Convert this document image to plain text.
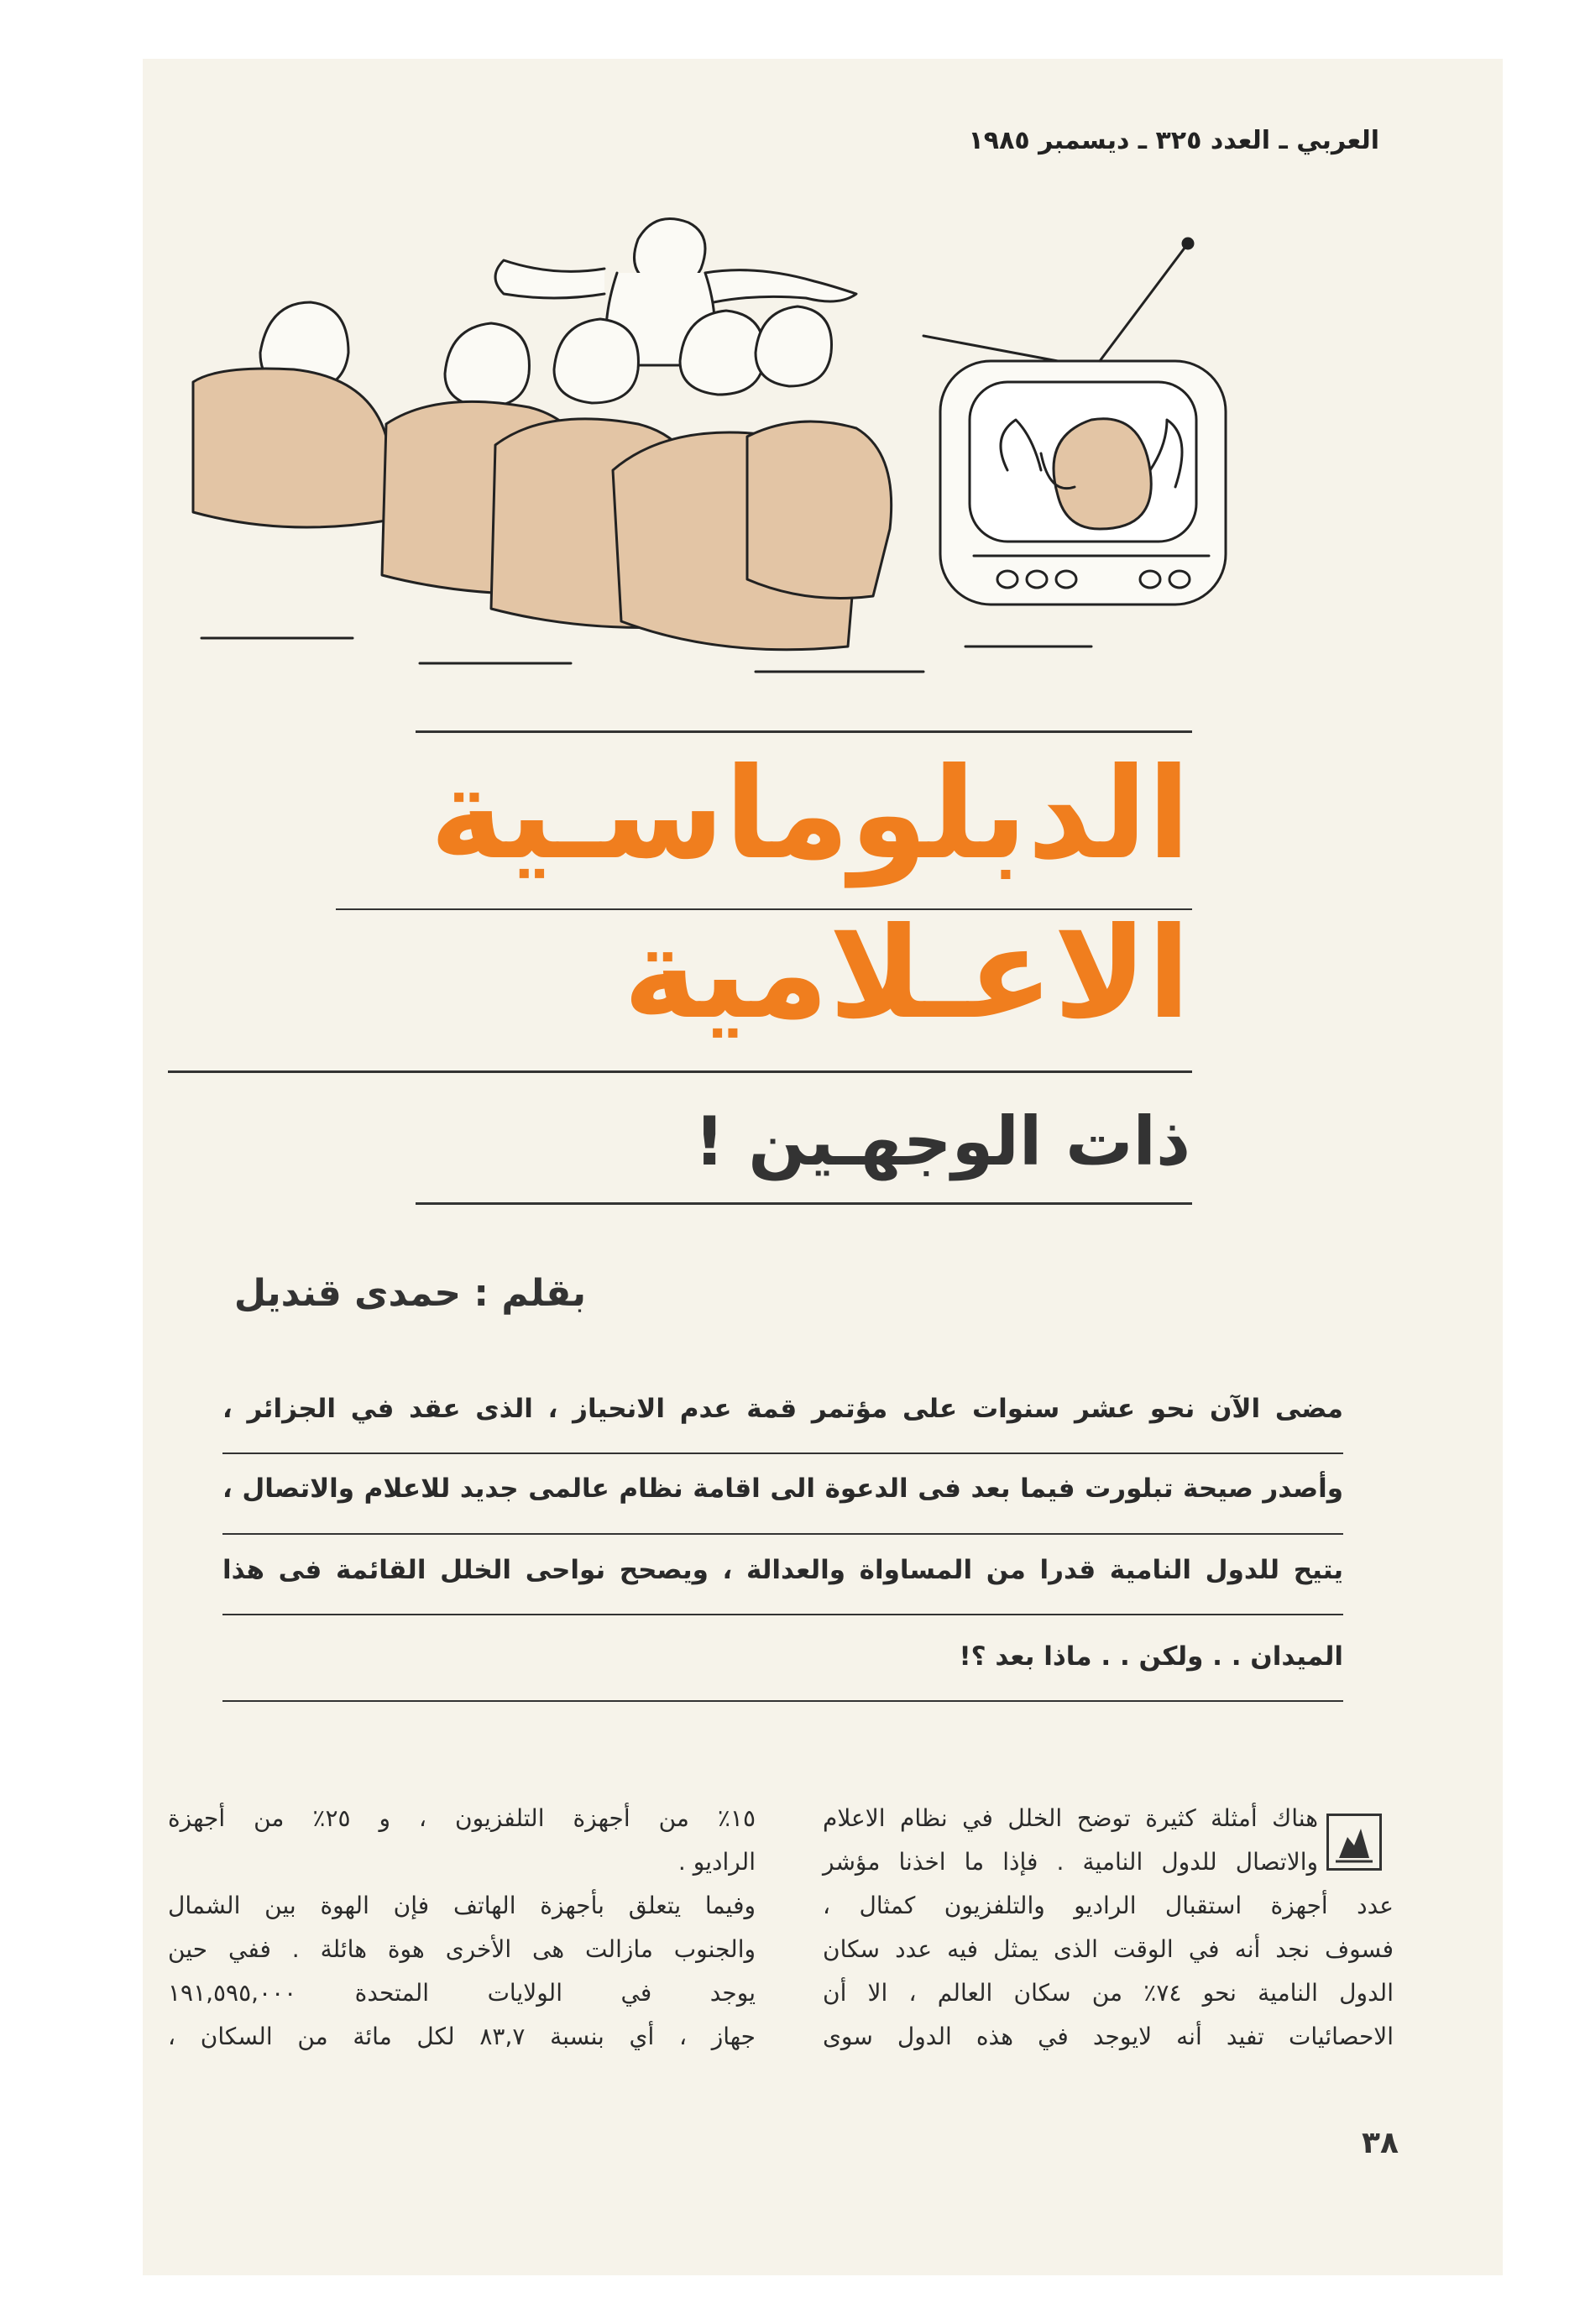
العربي ـ العدد ٣٢٥ ـ ديسمبر ١٩٨٥
الدبلوماسـية
الاعـلامية
ذات الوجهـين !
بقلم : حمدى قنديل
مضى الآن نحو عشر سنوات على مؤتمر قمة عدم الانحياز ، الذى عقد في الجزائر ،
وأصدر صيحة تبلورت فيما بعد فى الدعوة الى اقامة نظام عالمى جديد للاعلام والاتصال ،
يتيح للدول النامية قدرا من المساواة والعدالة ، ويصحح نواحى الخلل القائمة فى هذا
الميدان . . ولكن . . ماذا بعد ؟!

هناك أمثلة كثيرة توضح الخلل في نظام الاعلام

والاتصال للدول النامية . فإذا ما اخذنا مؤشر

عدد أجهزة استقبال الراديو والتلفزيون كمثال ،

فسوف نجد أنه في الوقت الذى يمثل فيه عدد سكان

الدول النامية نحو ٧٤٪ من سكان العالم ، الا أن

الاحصائيات تفيد أنه لايوجد في هذه الدول سوى

١٥٪ من أجهزة التلفزيون ، و ٢٥٪ من أجهزة

الراديو .

وفيما يتعلق بأجهزة الهاتف فإن الهوة بين الشمال

والجنوب مازالت هى الأخرى هوة هائلة . ففي حين

يوجد في الولايات المتحدة ١٩١,٥٩٥,٠٠٠

جهاز ، أي بنسبة ٨٣,٧ لكل مائة من السكان ،

٣٨
